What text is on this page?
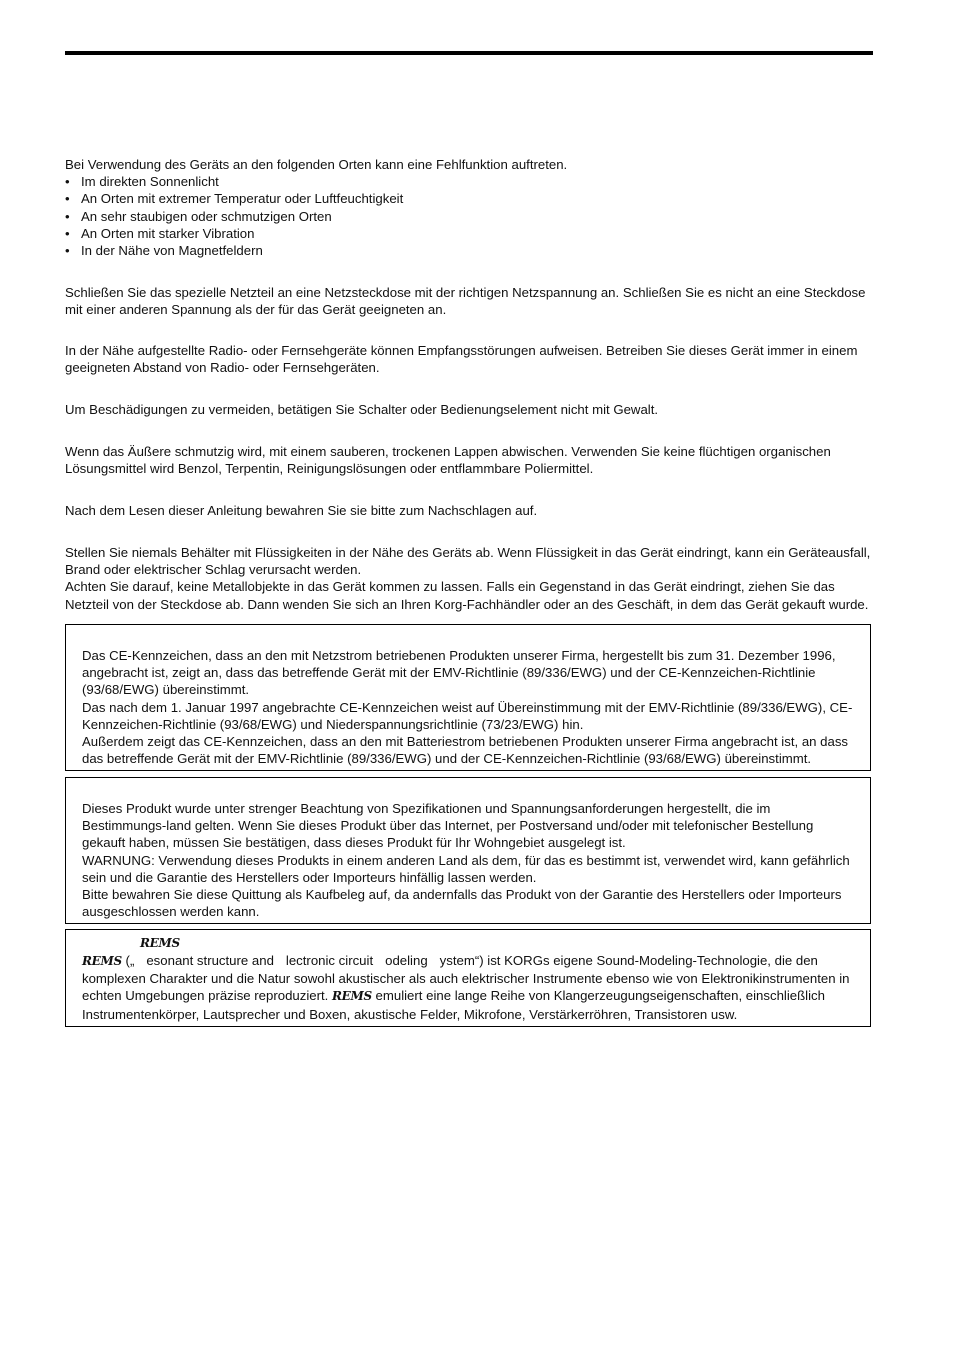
Bei Verwendung des Geräts an den folgenden Orten kann eine Fehlfunktion auftreten.

• Im direkten Sonnenlicht
• An Orten mit extremer Temperatur oder Luftfeuchtigkeit
• An sehr staubigen oder schmutzigen Orten
• An Orten mit starker Vibration
• In der Nähe von Magnetfeldern

Schließen Sie das spezielle Netzteil an eine Netzsteckdose mit der richtigen Netzspannung an. Schließen Sie es nicht an eine Steckdose mit einer anderen Spannung als der für das Gerät geeigneten an.

In der Nähe aufgestellte Radio- oder Fernsehgeräte können Empfangsstörungen aufweisen. Betreiben Sie dieses Gerät immer in einem geeigneten Abstand von Radio- oder Fernsehgeräten.

Um Beschädigungen zu vermeiden, betätigen Sie Schalter oder Bedienungselement nicht mit Gewalt.

Wenn das Äußere schmutzig wird, mit einem sauberen, trockenen Lappen abwischen. Verwenden Sie keine flüchtigen organischen Lösungsmittel wird Benzol, Terpentin, Reinigungslösungen oder entflammbare Poliermittel.

Nach dem Lesen dieser Anleitung bewahren Sie sie bitte zum Nachschlagen auf.

Stellen Sie niemals Behälter mit Flüssigkeiten in der Nähe des Geräts ab. Wenn Flüssigkeit in das Gerät eindringt, kann ein Geräteausfall, Brand oder elektrischer Schlag verursacht werden.

Achten Sie darauf, keine Metallobjekte in das Gerät kommen zu lassen. Falls ein Gegenstand in das Gerät eindringt, ziehen Sie das Netzteil von der Steckdose ab. Dann wenden Sie sich an Ihren Korg-Fachhändler oder an des Geschäft, in dem das Gerät gekauft wurde.

Das CE-Kennzeichen, dass an den mit Netzstrom betriebenen Produkten unserer Firma, hergestellt bis zum 31. Dezember 1996, angebracht ist, zeigt an, dass das betreffende Gerät mit der EMV-Richtlinie (89/336/EWG) und der CE-Kennzeichen-Richtlinie (93/68/EWG) übereinstimmt.

Das nach dem 1. Januar 1997 angebrachte CE-Kennzeichen weist auf Übereinstimmung mit der EMV-Richtlinie (89/336/EWG), CE-Kennzeichen-Richtlinie (93/68/EWG) und Niederspannungsrichtlinie (73/23/EWG) hin.

Außerdem zeigt das CE-Kennzeichen, dass an den mit Batteriestrom betriebenen Produkten unserer Firma angebracht ist, an dass das betreffende Gerät mit der EMV-Richtlinie (89/336/EWG) und der CE-Kennzeichen-Richtlinie (93/68/EWG) übereinstimmt.

Dieses Produkt wurde unter strenger Beachtung von Spezifikationen und Spannungsanforderungen hergestellt, die im Bestimmungs-land gelten. Wenn Sie dieses Produkt über das Internet, per Postversand und/oder mit telefonischer Bestellung gekauft haben, müssen Sie bestätigen, dass dieses Produkt für Ihr Wohngebiet ausgelegt ist.

WARNUNG: Verwendung dieses Produkts in einem anderen Land als dem, für das es bestimmt ist, verwendet wird, kann gefährlich sein und die Garantie des Herstellers oder Importeurs hinfällig lassen werden.

Bitte bewahren Sie diese Quittung als Kaufbeleg auf, da andernfalls das Produkt von der Garantie des Herstellers oder Importeurs ausgeschlossen werden kann.

REMS

REMS („ esonant structure and lectronic circuit odeling ystem“) ist KORGs eigene Sound-Modeling-Technologie, die den komplexen Charakter und die Natur sowohl akustischer als auch elektrischer Instrumente ebenso wie von Elektronikinstrumenten in echten Umgebungen präzise reproduziert. REMS emuliert eine lange Reihe von Klangerzeugungseigenschaften, einschließlich Instrumentenkörper, Lautsprecher und Boxen, akustische Felder, Mikrofone, Verstärkerröhren, Transistoren usw.
